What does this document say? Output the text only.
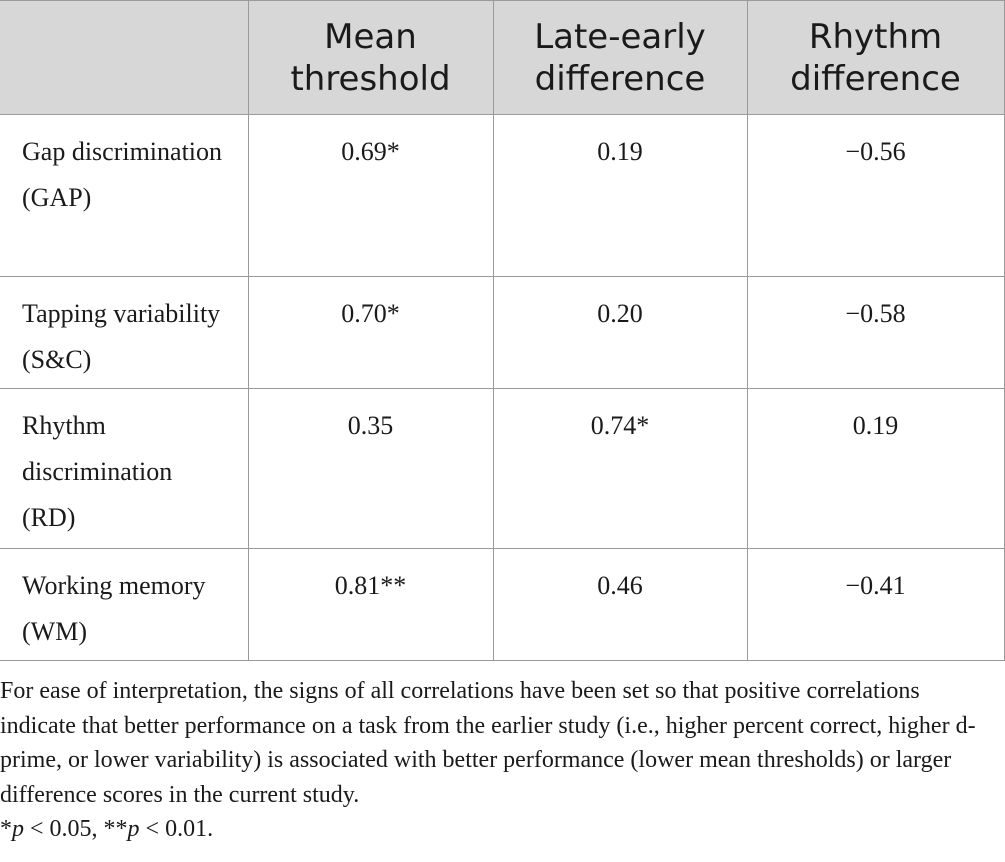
	Mean threshold	Late-early difference	Rhythm difference
Gap discrimination (GAP)	0.69*	0.19	−0.56
Tapping variability (S&C)	0.70*	0.20	−0.58
Rhythm discrimination (RD)	0.35	0.74*	0.19
Working memory (WM)	0.81**	0.46	−0.41

For ease of interpretation, the signs of all correlations have been set so that positive correlations indicate that better performance on a task from the earlier study (i.e., higher percent correct, higher d-prime, or lower variability) is associated with better performance (lower mean thresholds) or larger difference scores in the current study.

*p < 0.05, **p < 0.01.
